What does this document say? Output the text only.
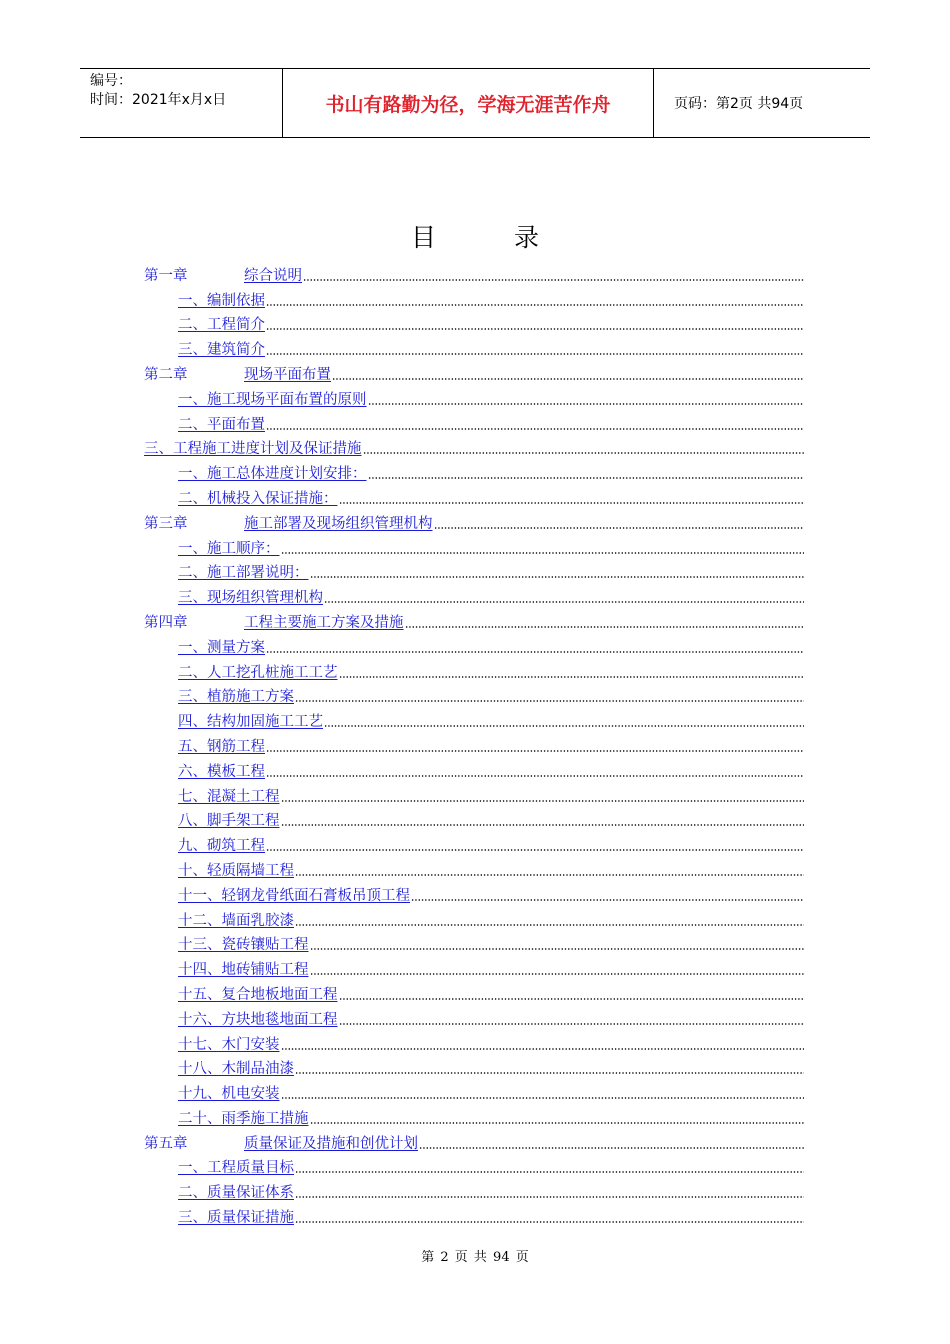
编号：
时间：2021年x月x日	书山有路勤为径，学海无涯苦作舟	页码：第2页 共94页
目	录
第一章	综合说明
一、编制依据
二、工程简介
三、建筑简介
第二章	现场平面布置
一、施工现场平面布置的原则
二、平面布置
三、工程施工进度计划及保证措施
一、施工总体进度计划安排：
二、机械投入保证措施：
第三章	施工部署及现场组织管理机构
一、施工顺序：
二、施工部署说明：
三、现场组织管理机构
第四章	工程主要施工方案及措施
一、测量方案
二、人工挖孔桩施工工艺
三、植筋施工方案
四、结构加固施工工艺
五、钢筋工程
六、模板工程
七、混凝土工程
八、脚手架工程
九、砌筑工程
十、轻质隔墙工程
十一、轻钢龙骨纸面石膏板吊顶工程
十二、墙面乳胶漆
十三、瓷砖镶贴工程
十四、地砖铺贴工程
十五、复合地板地面工程
十六、方块地毯地面工程
十七、木门安装
十八、木制品油漆
十九、机电安装
二十、雨季施工措施
第五章	质量保证及措施和创优计划
一、工程质量目标
二、质量保证体系
三、质量保证措施
第 2 页 共 94 页
